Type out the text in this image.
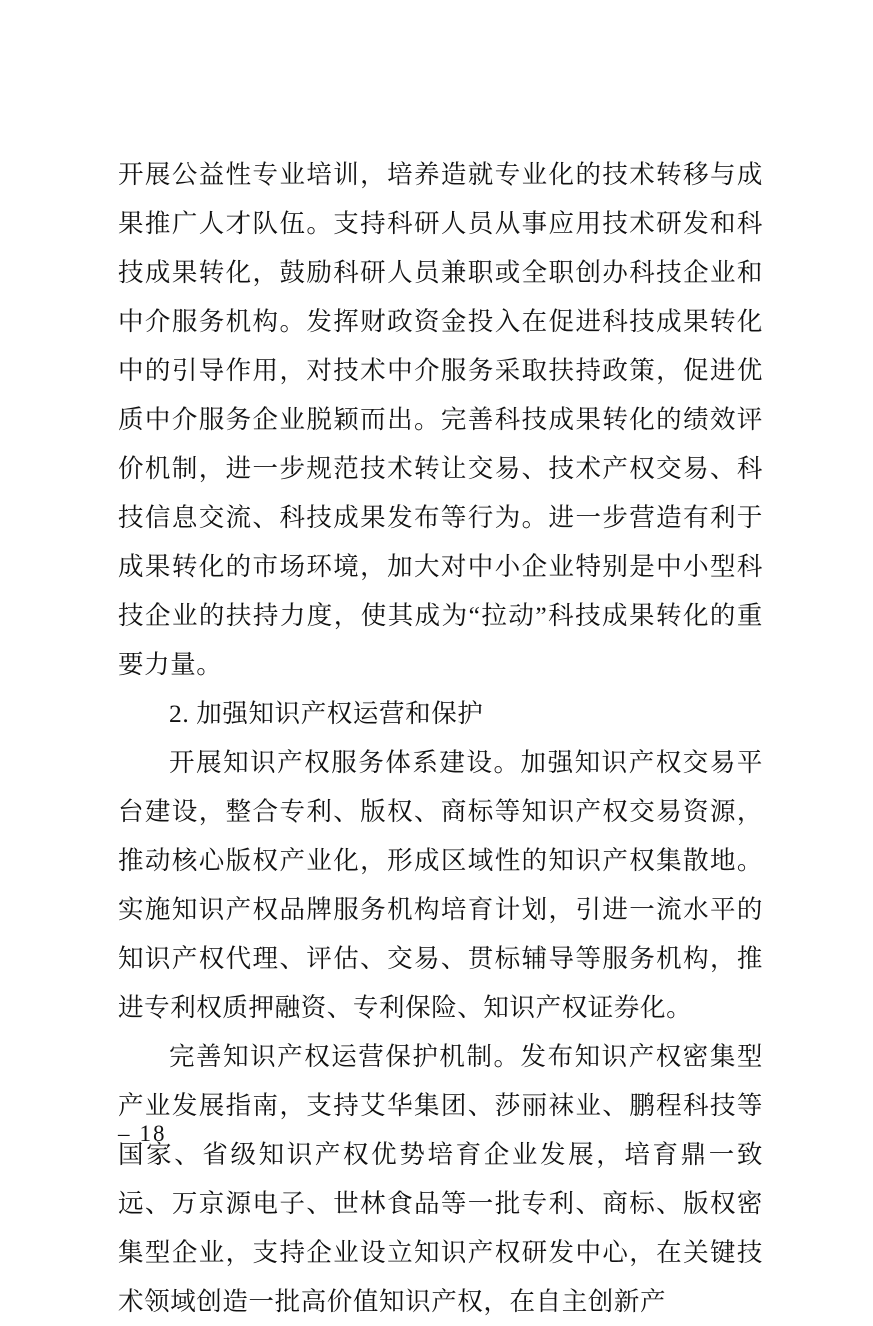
开展公益性专业培训，培养造就专业化的技术转移与成果推广人才队伍。支持科研人员从事应用技术研发和科技成果转化，鼓励科研人员兼职或全职创办科技企业和中介服务机构。发挥财政资金投入在促进科技成果转化中的引导作用，对技术中介服务采取扶持政策，促进优质中介服务企业脱颖而出。完善科技成果转化的绩效评价机制，进一步规范技术转让交易、技术产权交易、科技信息交流、科技成果发布等行为。进一步营造有利于成果转化的市场环境，加大对中小企业特别是中小型科技企业的扶持力度，使其成为“拉动”科技成果转化的重要力量。

2. 加强知识产权运营和保护

开展知识产权服务体系建设。加强知识产权交易平台建设，整合专利、版权、商标等知识产权交易资源，推动核心版权产业化，形成区域性的知识产权集散地。实施知识产权品牌服务机构培育计划，引进一流水平的知识产权代理、评估、交易、贯标辅导等服务机构，推进专利权质押融资、专利保险、知识产权证券化。

完善知识产权运营保护机制。发布知识产权密集型产业发展指南，支持艾华集团、莎丽袜业、鹏程科技等国家、省级知识产权优势培育企业发展，培育鼎一致远、万京源电子、世林食品等一批专利、商标、版权密集型企业，支持企业设立知识产权研发中心，在关键技术领域创造一批高价值知识产权，在自主创新产

– 18
